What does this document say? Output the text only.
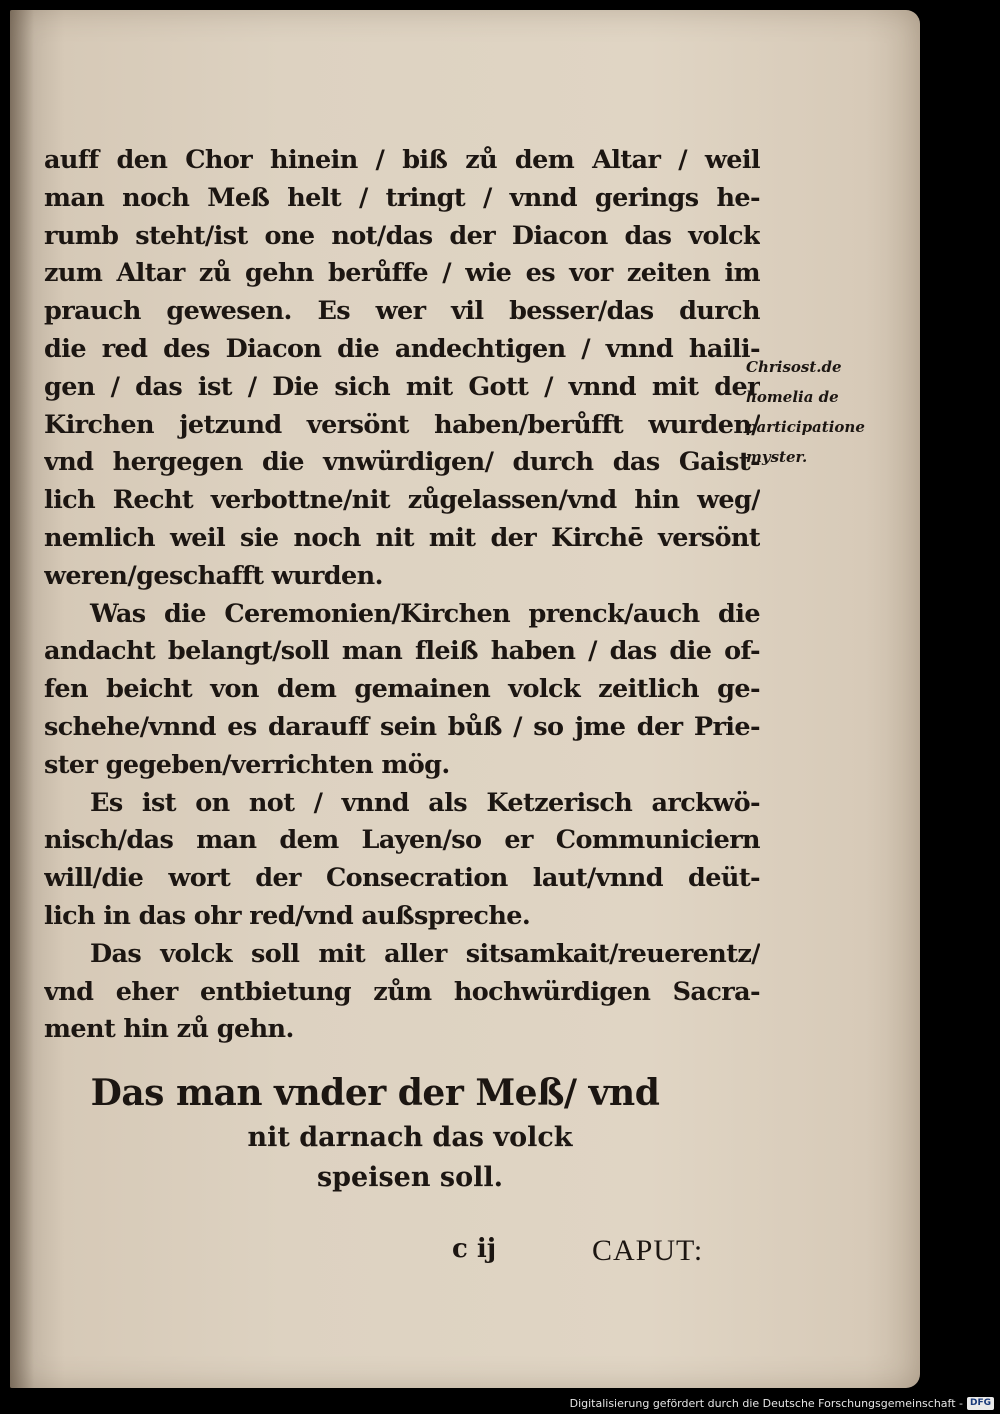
auff den Chor hinein / biß zů dem Altar / weil
man noch Meß helt / tringt / vnnd gerings he-
rumb steht/ist one not/das der Diacon das volck
zum Altar zů gehn berůffe / wie es vor zeiten im
prauch gewesen. Es wer vil besser/das durch
die red des Diacon die andechtigen / vnnd haili-
gen / das ist / Die sich mit Gott / vnnd mit der
Kirchen jetzund versönt haben/berůfft wurden/
vnd hergegen die vnwürdigen/ durch das Gaist-
lich Recht verbottne/nit zůgelassen/vnd hin weg/
nemlich weil sie noch nit mit der Kirchē versönt
weren/geschafft wurden.
Was die Ceremonien/Kirchen prenck/auch die
andacht belangt/soll man fleiß haben / das die of-
fen beicht von dem gemainen volck zeitlich ge-
schehe/vnnd es darauff sein bůß / so jme der Prie-
ster gegeben/verrichten mög.
Es ist on not / vnnd als Ketzerisch arckwö-
nisch/das man dem Layen/so er Communiciern
will/die wort der Consecration laut/vnnd deüt-
lich in das ohr red/vnd außspreche.
Das volck soll mit aller sitsamkait/reuerentz/
vnd eher entbietung zům hochwürdigen Sacra-
ment hin zů gehn.
Chrisost.de
homelia de
participatione
myster.
Das man vnder der Meß/ vnd
nit darnach das volck
speisen soll.
c ij	CAPUT:
Digitalisierung gefördert durch die Deutsche Forschungsgemeinschaft - DFG
